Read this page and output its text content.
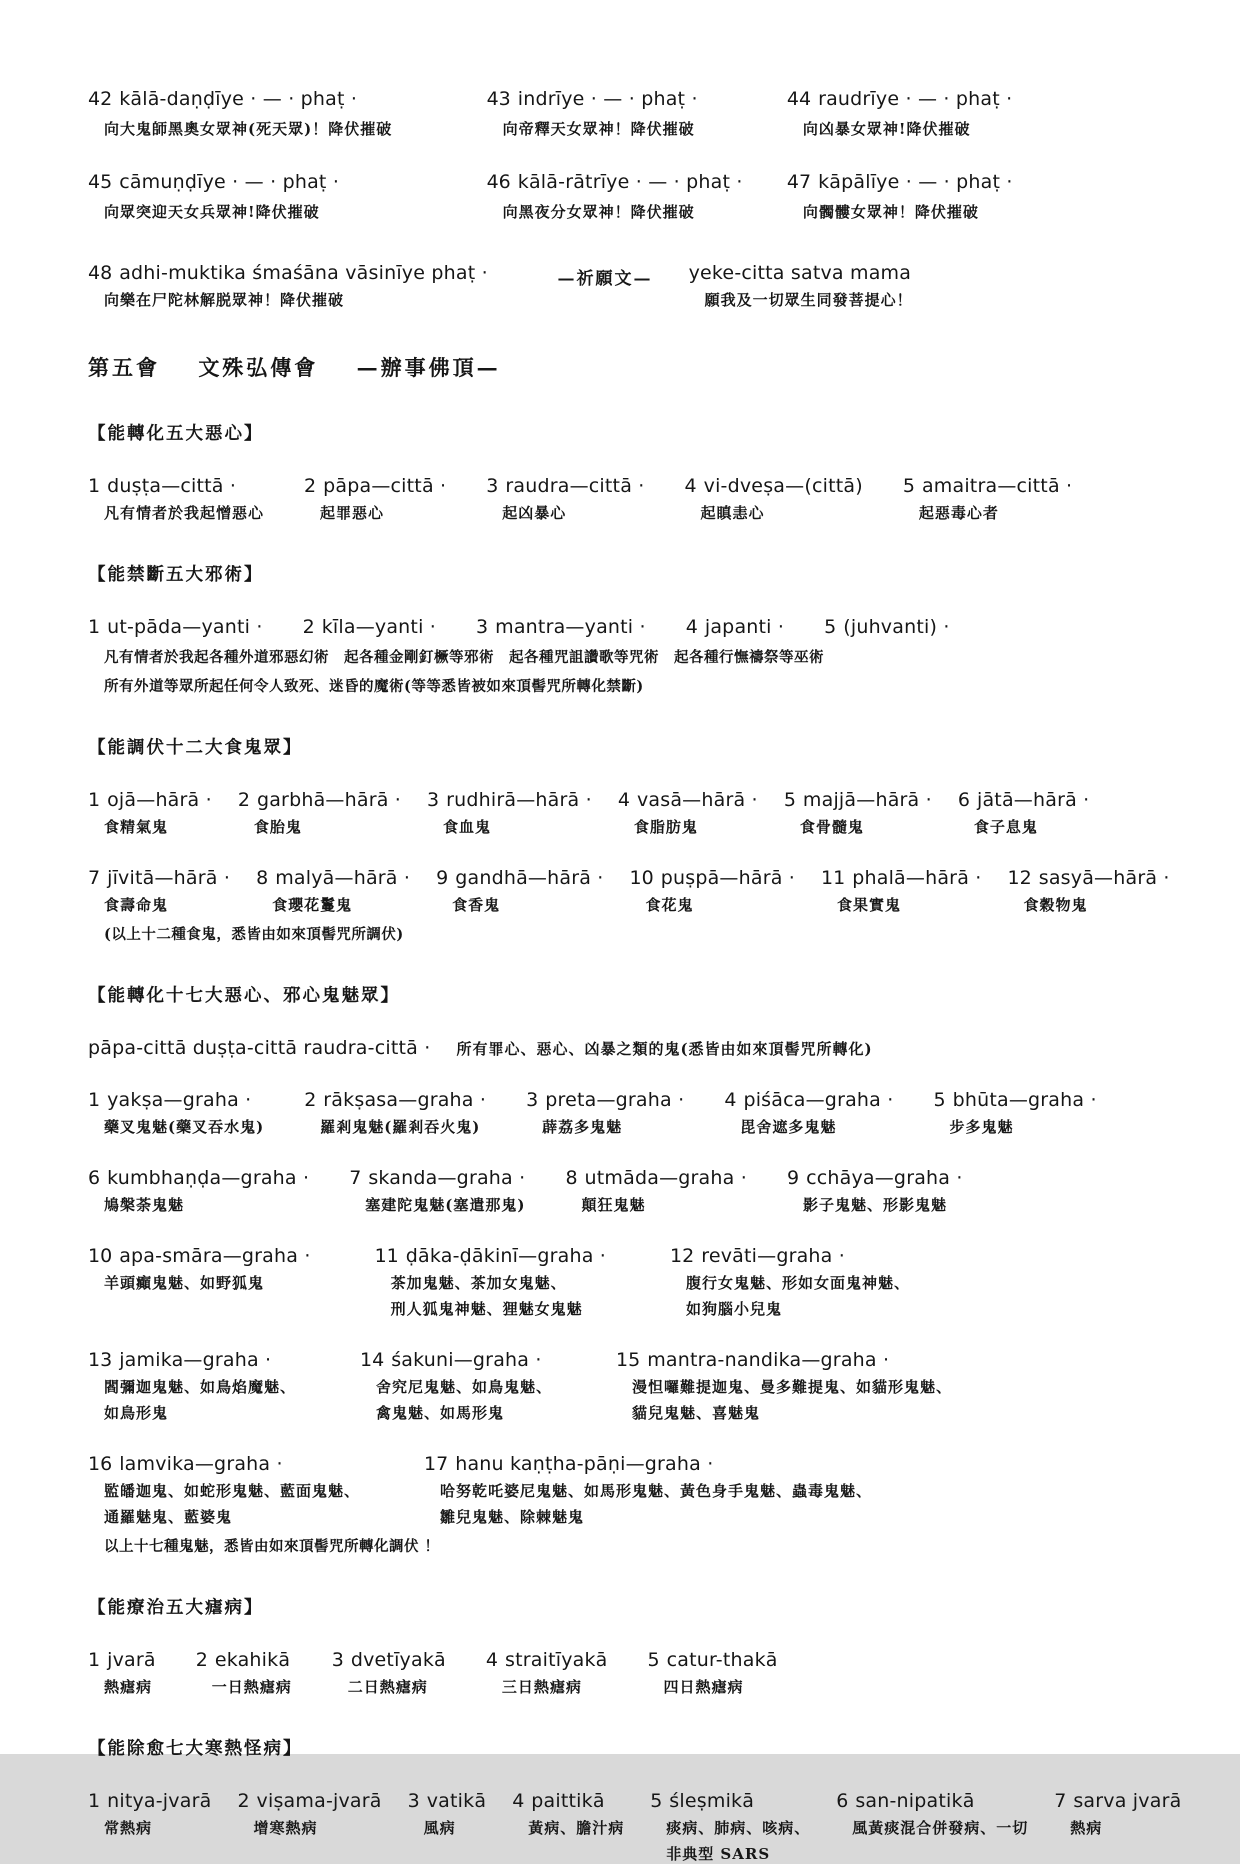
42 kālā-daṇḍīye · — · phaṭ ·
向大鬼師黑奧女眾神(死天眾)！降伏摧破
43 indrīye · — · phaṭ ·
向帝釋天女眾神！降伏摧破
44 raudrīye · — · phaṭ ·
向凶暴女眾神!降伏摧破
45 cāmuṇḍīye · — · phaṭ ·
向眾突迎天女兵眾神!降伏摧破
46 kālā-rātrīye · — · phaṭ ·
向黑夜分女眾神！降伏摧破
47 kāpālīye · — · phaṭ ·
向髑髏女眾神！降伏摧破
48 adhi-muktika śmaśāna vāsinīye phaṭ ·
向樂在尸陀林解脱眾神！降伏摧破
—祈願文—	yeke-citta satva mama
願我及一切眾生同發菩提心！
第五會 文殊弘傳會 —辦事佛頂—
【能轉化五大惡心】
1 duṣṭa—cittā ·
凡有情者於我起憎惡心
2 pāpa—cittā ·
起罪惡心
3 raudra—cittā ·
起凶暴心
4 vi-dveṣa—(cittā)
起瞋恚心
5 amaitra—cittā ·
起惡毒心者
【能禁斷五大邪術】
1 ut-pāda—yanti · 2 kīla—yanti · 3 mantra—yanti · 4 japanti · 5 (juhvanti) ·
凡有情者於我起各種外道邪惡幻術　起各種金剛釘橛等邪術　起各種咒詛讚歌等咒術　起各種行憮禱祭等巫術
所有外道等眾所起任何令人致死、迷昏的魔術(等等悉皆被如來頂髻咒所轉化禁斷)
【能調伏十二大食鬼眾】
1 ojā—hārā ·
食精氣鬼
2 garbhā—hārā ·
食胎鬼
3 rudhirā—hārā ·
食血鬼
4 vasā—hārā ·
食脂肪鬼
5 majjā—hārā ·
食骨髓鬼
6 jātā—hārā ·
食子息鬼
7 jīvitā—hārā ·
食壽命鬼
8 malyā—hārā ·
食瓔花鬘鬼
9 gandhā—hārā ·
食香鬼
10 puṣpā—hārā ·
食花鬼
11 phalā—hārā ·
食果實鬼
12 sasyā—hārā ·
食穀物鬼
(以上十二種食鬼，悉皆由如來頂髻咒所調伏)
【能轉化十七大惡心、邪心鬼魅眾】
pāpa-cittā duṣṭa-cittā raudra-cittā · 所有罪心、惡心、凶暴之類的鬼(悉皆由如來頂髻咒所轉化)
1 yakṣa—graha ·
藥叉鬼魅(藥叉吞水鬼)
2 rākṣasa—graha ·
羅剎鬼魅(羅剎吞火鬼)
3 preta—graha ·
薜荔多鬼魅
4 piśāca—graha ·
毘舍遮多鬼魅
5 bhūta—graha ·
步多鬼魅
6 kumbhaṇḍa—graha ·
鳩槃荼鬼魅
7 skanda—graha ·
塞建陀鬼魅(塞遣那鬼)
8 utmāda—graha ·
顛狂鬼魅
9 cchāya—graha ·
影子鬼魅、形影鬼魅
10 apa-smāra—graha ·
羊頭癲鬼魅、如野狐鬼
11 ḍāka-ḍākinī—graha ·
茶加鬼魅、茶加女鬼魅、
刑人狐鬼神魅、狸魅女鬼魅
12 revāti—graha ·
腹行女鬼魅、形如女面鬼神魅、
如狗腦小兒鬼
13 jamika—graha ·
閻彌迦鬼魅、如鳥焰魔魅、
如鳥形鬼
14 śakuni—graha ·
舍究尼鬼魅、如鳥鬼魅、
禽鬼魅、如馬形鬼
15 mantra-nandika—graha ·
漫怛囉難提迦鬼、曼多難提鬼、如貓形鬼魅、
貓兒鬼魅、喜魅鬼
16 lamvika—graha ·
監皤迦鬼、如蛇形鬼魅、藍面鬼魅、
通羅魅鬼、藍婆鬼
17 hanu kaṇṭha-pāṇi—graha ·
哈努乾吒婆尼鬼魅、如馬形鬼魅、黃色身手鬼魅、蟲毒鬼魅、
雛兒鬼魅、除棘魅鬼
以上十七種鬼魅，悉皆由如來頂髻咒所轉化調伏 ！
【能療治五大瘧病】
1 jvarā
熱瘧病
2 ekahikā
一日熱瘧病
3 dvetīyakā
二日熱瘧病
4 straitīyakā
三日熱瘧病
5 catur-thakā
四日熱瘧病
【能除愈七大寒熱怪病】
1 nitya-jvarā
常熱病
2 viṣama-jvarā
增寒熱病
3 vatikā
風病
4 paittikā
黃病、膽汁病
5 śleṣmikā
痰病、肺病、咳病、
非典型 SARS
6 san-nipatikā
風黃痰混合併發病、一切
7 sarva jvarā
熱病
